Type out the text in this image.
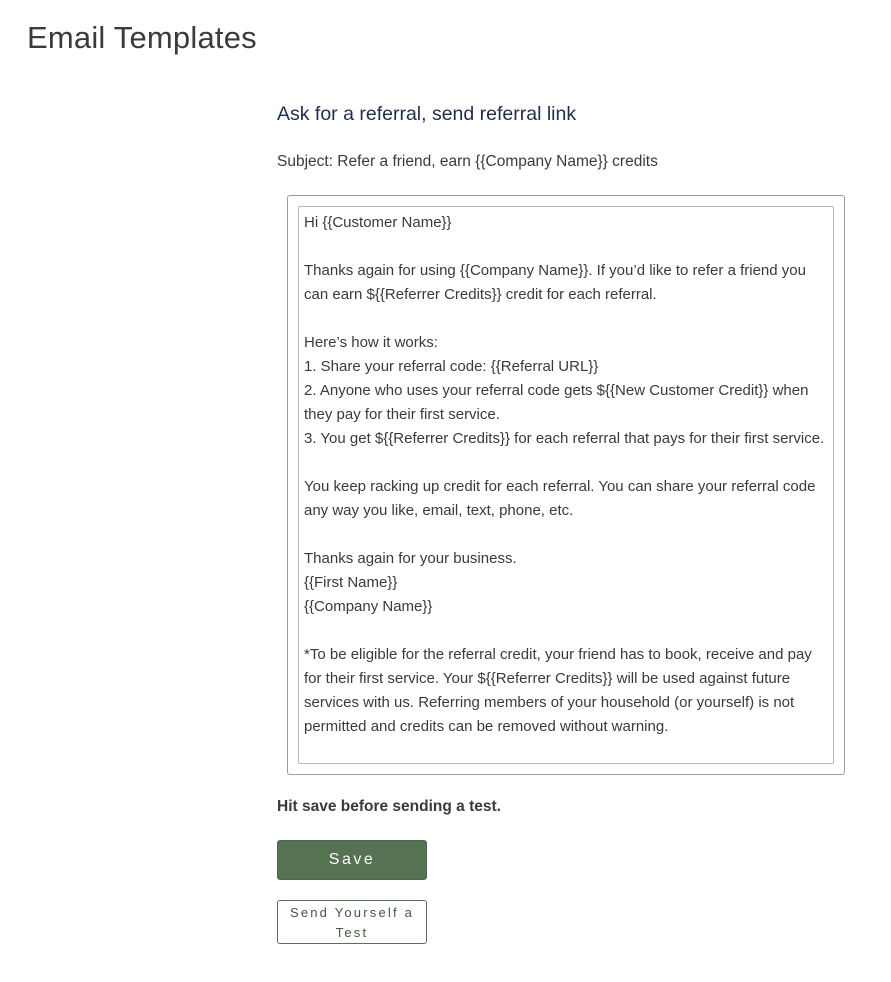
Email Templates
Ask for a referral, send referral link
Subject: Refer a friend, earn {{Company Name}} credits

Hi {{Customer Name}}

Thanks again for using {{Company Name}}. If you’d like to refer a friend you can earn ${{Referrer Credits}} credit for each referral.

Here’s how it works:

1. Share your referral code: {{Referral URL}}

2. Anyone who uses your referral code gets ${{New Customer Credit}} when they pay for their first service.

3. You get ${{Referrer Credits}} for each referral that pays for their first service.

You keep racking up credit for each referral. You can share your referral code any way you like, email, text, phone, etc.

Thanks again for your business.

{{First Name}}

{{Company Name}}

*To be eligible for the referral credit, your friend has to book, receive and pay for their first service. Your ${{Referrer Credits}} will be used against future services with us. Referring members of your household (or yourself) is not permitted and credits can be removed without warning.

Hit save before sending a test.

Save
Send Yourself a Test
